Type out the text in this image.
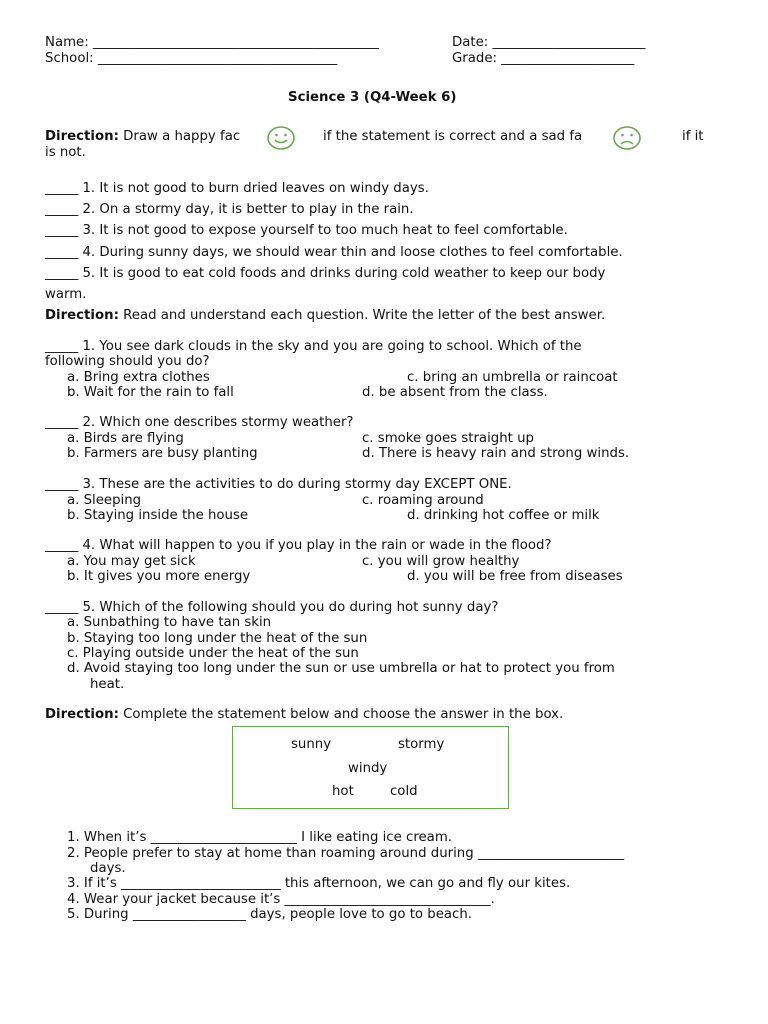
Name: ___________________________________________	Date: _______________________
School: ____________________________________	Grade: ____________________
Science 3 (Q4-Week 6)
Direction: Draw a happy fac	if the statement is correct and a sad fa	if it
is not.
_____ 1. It is not good to burn dried leaves on windy days.
_____ 2. On a stormy day, it is better to play in the rain.
_____ 3. It is not good to expose yourself to too much heat to feel comfortable.
_____ 4. During sunny days, we should wear thin and loose clothes to feel comfortable.
_____ 5. It is good to eat cold foods and drinks during cold weather to keep our body
warm.
Direction: Read and understand each question. Write the letter of the best answer.
_____ 1. You see dark clouds in the sky and you are going to school. Which of the
following should you do?
a. Bring extra clothes	c. bring an umbrella or raincoat
b. Wait for the rain to fall	d. be absent from the class.
_____ 2. Which one describes stormy weather?
a. Birds are flying	c. smoke goes straight up
b. Farmers are busy planting	d. There is heavy rain and strong winds.
_____ 3. These are the activities to do during stormy day EXCEPT ONE.
a. Sleeping	c. roaming around
b. Staying inside the house	d. drinking hot coffee or milk
_____ 4. What will happen to you if you play in the rain or wade in the flood?
a. You may get sick	c. you will grow healthy
b. It gives you more energy	d. you will be free from diseases
_____ 5. Which of the following should you do during hot sunny day?
a. Sunbathing to have tan skin
b. Staying too long under the heat of the sun
c. Playing outside under the heat of the sun
d. Avoid staying too long under the sun or use umbrella or hat to protect you from
heat.
Direction: Complete the statement below and choose the answer in the box.
sunny	stormy
windy
hot	cold
1. When it’s ______________________ I like eating ice cream.
2. People prefer to stay at home than roaming around during ______________________
days.
3. If it’s ________________________ this afternoon, we can go and fly our kites.
4. Wear your jacket because it’s _______________________________.
5. During _________________ days, people love to go to beach.
